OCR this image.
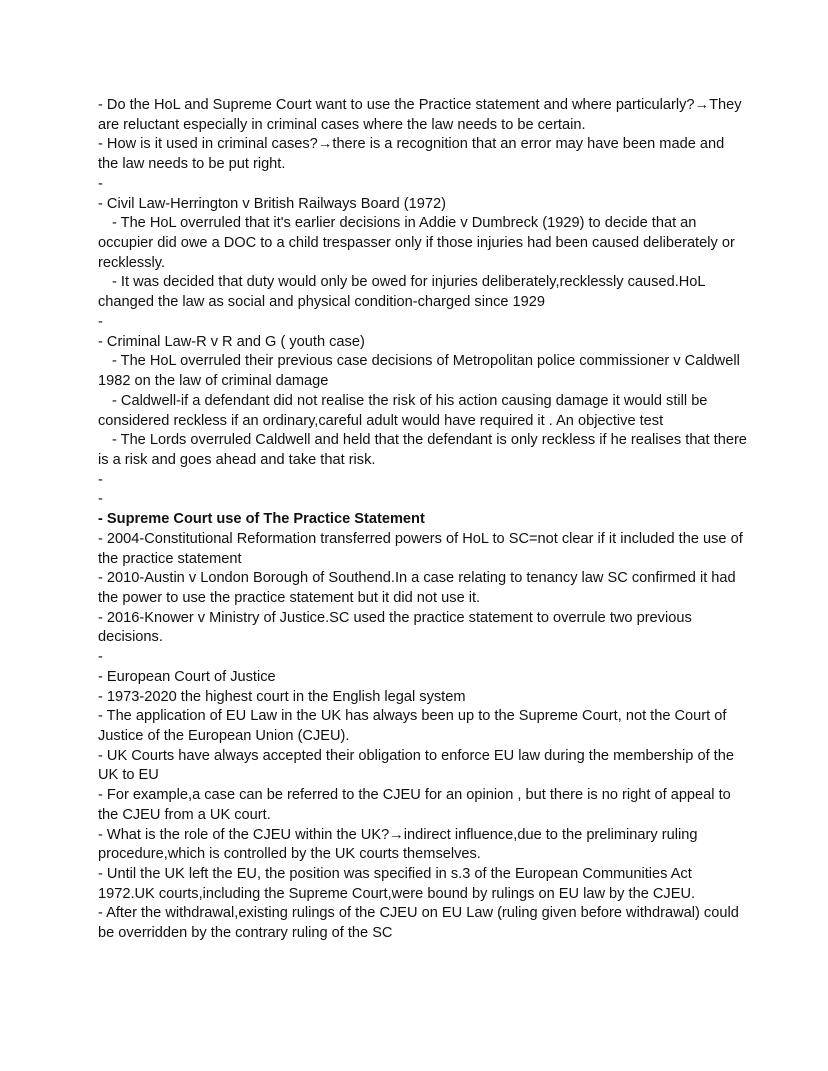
- Do the HoL and Supreme Court want to use the Practice statement and where particularly?→They are reluctant especially in criminal cases where the law needs to be certain.

- How is it used in criminal cases?→there is a recognition that an error may have been made and the law needs to be put right.

-

- Civil Law-Herrington v British Railways Board (1972)

- The HoL overruled that it's earlier decisions in Addie v Dumbreck (1929) to decide that an occupier did owe a DOC to a child trespasser only if those injuries had been caused deliberately or recklessly.

- It was decided that duty would only be owed for injuries deliberately,recklessly caused.HoL changed the law as social and physical condition-charged since 1929

-

- Criminal Law-R v R and G ( youth case)

- The HoL overruled their previous case decisions of Metropolitan police commissioner v Caldwell 1982 on the law of criminal damage

- Caldwell-if a defendant did not realise the risk of his action causing damage it would still be considered reckless if an ordinary,careful adult would have required it . An objective test

- The Lords overruled Caldwell and held that the defendant is only reckless if he realises that there is a risk and goes ahead and take that risk.

-

-

- Supreme Court use of The Practice Statement

- 2004-Constitutional Reformation transferred powers of HoL to SC=not clear if it included the use of the practice statement

- 2010-Austin v London Borough of Southend.In a case relating to tenancy law SC confirmed it had the power to use the practice statement but it did not use it.

- 2016-Knower v Ministry of Justice.SC used the practice statement to overrule two previous decisions.

-

- European Court of Justice

- 1973-2020 the highest court in the English legal system

- The application of EU Law in the UK has always been up to the Supreme Court, not the Court of Justice of the European Union (CJEU).

- UK Courts have always accepted their obligation to enforce EU law during the membership of the UK to EU

- For example,a case can be referred to the CJEU for an opinion , but there is no right of appeal to the CJEU from a UK court.

- What is the role of the CJEU within the UK?→indirect influence,due to the preliminary ruling procedure,which is controlled by the UK courts themselves.

- Until the UK left the EU, the position was specified in s.3 of the European Communities Act 1972.UK courts,including the Supreme Court,were bound by rulings on EU law by the CJEU.

- After the withdrawal,existing rulings of the CJEU on EU Law (ruling given before withdrawal) could be overridden by the contrary ruling of the SC
